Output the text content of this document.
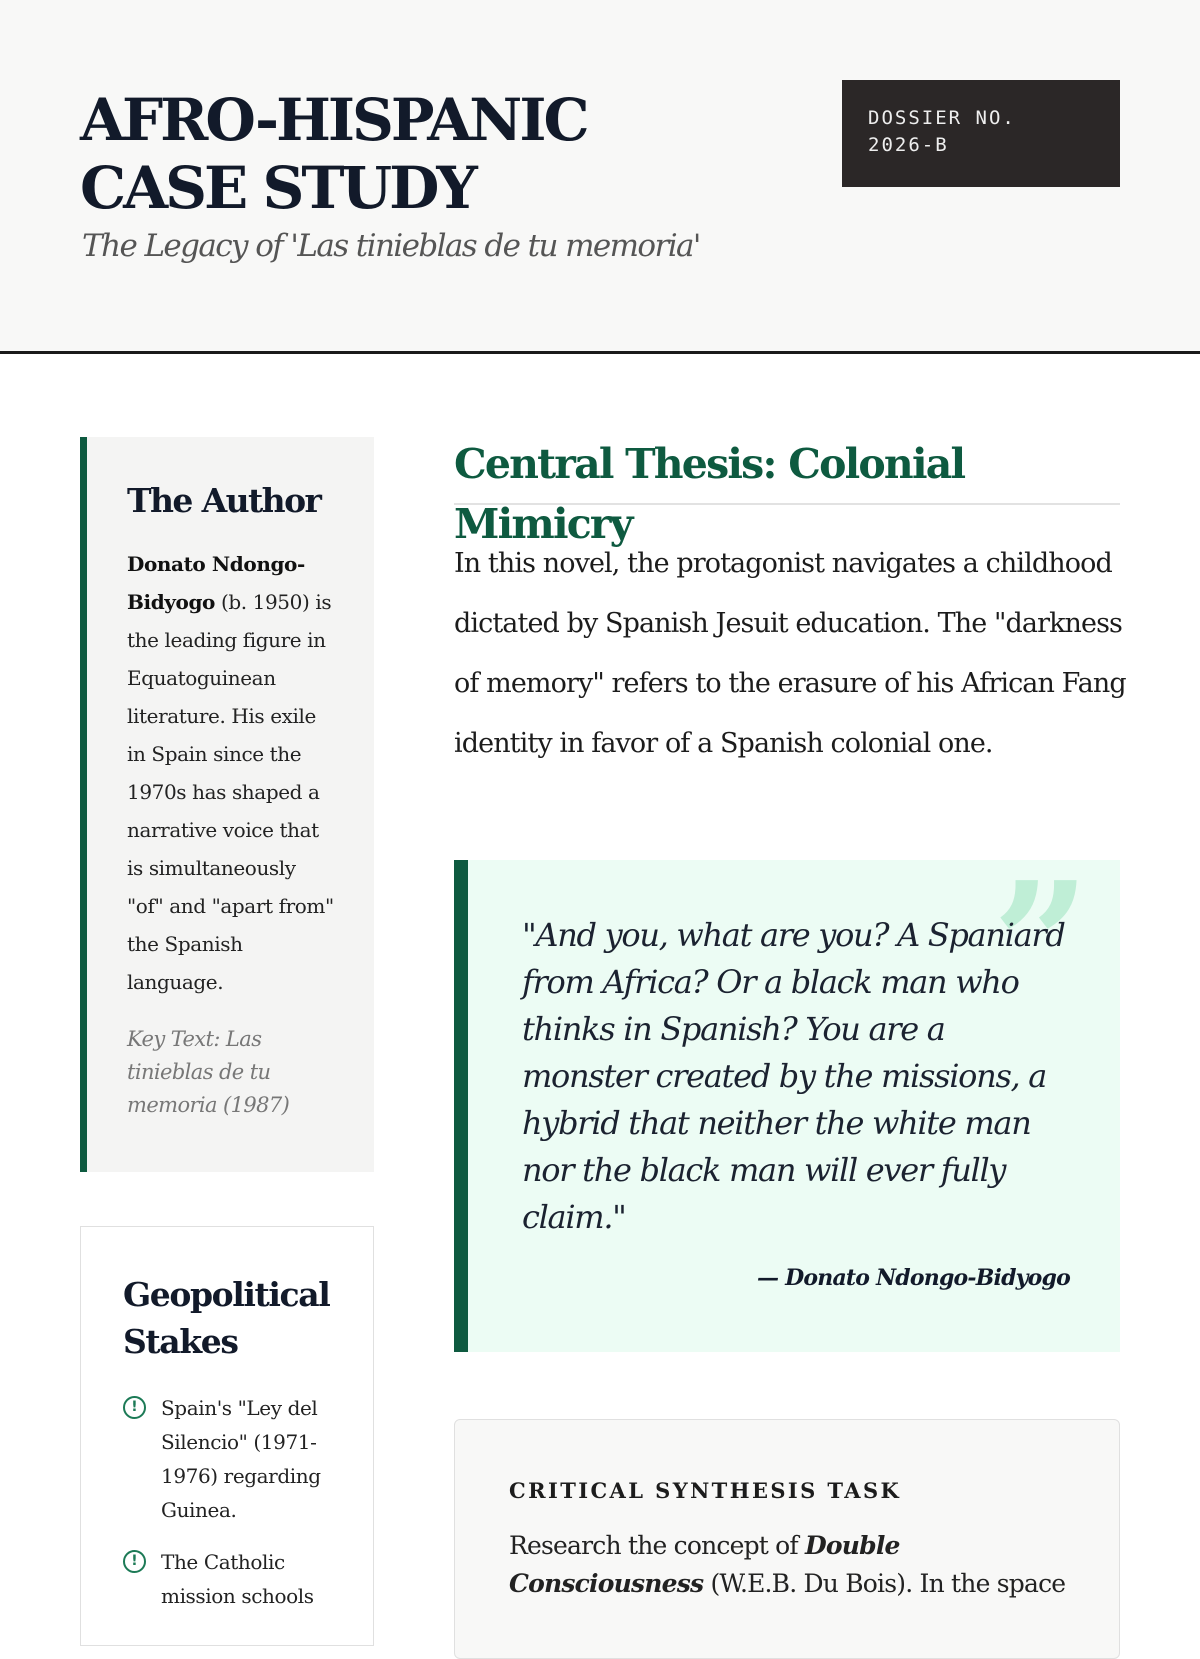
AFRO-HISPANIC CASE STUDY

The Legacy of 'Las tinieblas de tu memoria'

DOSSIER NO.
2026-B
The Author

Donato Ndongo-Bidyogo (b. 1950) is the leading figure in Equatoguinean literature. His exile in Spain since the 1970s has shaped a narrative voice that is simultaneously "of" and "apart from" the Spanish language.

Key Text: Las tinieblas de tu memoria (1987)

Geopolitical Stakes
!	Spain's "Ley del Silencio" (1971-1976) regarding Guinea.
!	The Catholic mission schools
Central Thesis: Colonial Mimicry

In this novel, the protagonist navigates a childhood dictated by Spanish Jesuit education. The "darkness of memory" refers to the erasure of his African Fang identity in favor of a Spanish colonial one.

”

"And you, what are you? A Spaniard from Africa? Or a black man who thinks in Spanish? You are a monster created by the missions, a hybrid that neither the white man nor the black man will ever fully claim."

— Donato Ndongo-Bidyogo

CRITICAL SYNTHESIS TASK

Research the concept of Double Consciousness (W.E.B. Du Bois). In the space
